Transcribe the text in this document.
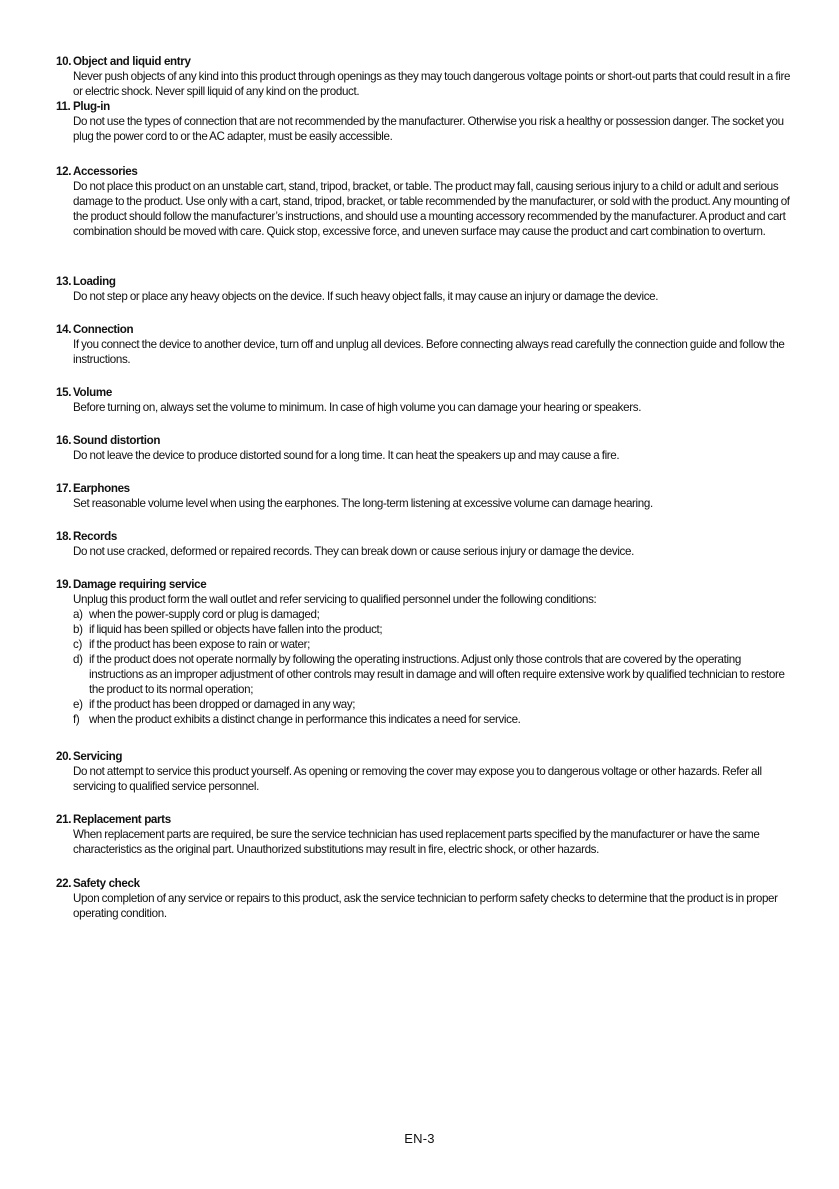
10. Object and liquid entry
Never push objects of any kind into this product through openings as they may touch dangerous voltage points or short-out parts that could result in a fire or electric shock. Never spill liquid of any kind on the product.
11. Plug-in
Do not use the types of connection that are not recommended by the manufacturer. Otherwise you risk a healthy or possession danger. The socket you plug the power cord to or the AC adapter, must be easily accessible.
12. Accessories
Do not place this product on an unstable cart, stand, tripod, bracket, or table. The product may fall, causing serious injury to a child or adult and serious damage to the product. Use only with a cart, stand, tripod, bracket, or table recommended by the manufacturer, or sold with the product. Any mounting of the product should follow the manufacturer’s instructions, and should use a mounting accessory recommended by the manufacturer. A product and cart combination should be moved with care. Quick stop, excessive force, and uneven surface may cause the product and cart combination to overturn.
13. Loading
Do not step or place any heavy objects on the device. If such heavy object falls, it may cause an injury or damage the device.
14. Connection
If you connect the device to another device, turn off and unplug all devices. Before connecting always read carefully the connection guide and follow the instructions.
15. Volume
Before turning on, always set the volume to minimum. In case of high volume you can damage your hearing or speakers.
16. Sound distortion
Do not leave the device to produce distorted sound for a long time. It can heat the speakers up and may cause a fire.
17. Earphones
Set reasonable volume level when using the earphones. The long-term listening at excessive volume can damage hearing.
18. Records
Do not use cracked, deformed or repaired records. They can break down or cause serious injury or damage the device.
19. Damage requiring service
Unplug this product form the wall outlet and refer servicing to qualified personnel under the following conditions:
a) when the power-supply cord or plug is damaged;
b) if liquid has been spilled or objects have fallen into the product;
c) if the product has been expose to rain or water;
d) if the product does not operate normally by following the operating instructions. Adjust only those controls that are covered by the operating instructions as an improper adjustment of other controls may result in damage and will often require extensive work by qualified technician to restore the product to its normal operation;
e) if the product has been dropped or damaged in any way;
f) when the product exhibits a distinct change in performance this indicates a need for service.
20. Servicing
Do not attempt to service this product yourself. As opening or removing the cover may expose you to dangerous voltage or other hazards. Refer all servicing to qualified service personnel.
21. Replacement parts
When replacement parts are required, be sure the service technician has used replacement parts specified by the manufacturer or have the same characteristics as the original part. Unauthorized substitutions may result in fire, electric shock, or other hazards.
22. Safety check
Upon completion of any service or repairs to this product, ask the service technician to perform safety checks to determine that the product is in proper operating condition.
EN-3
